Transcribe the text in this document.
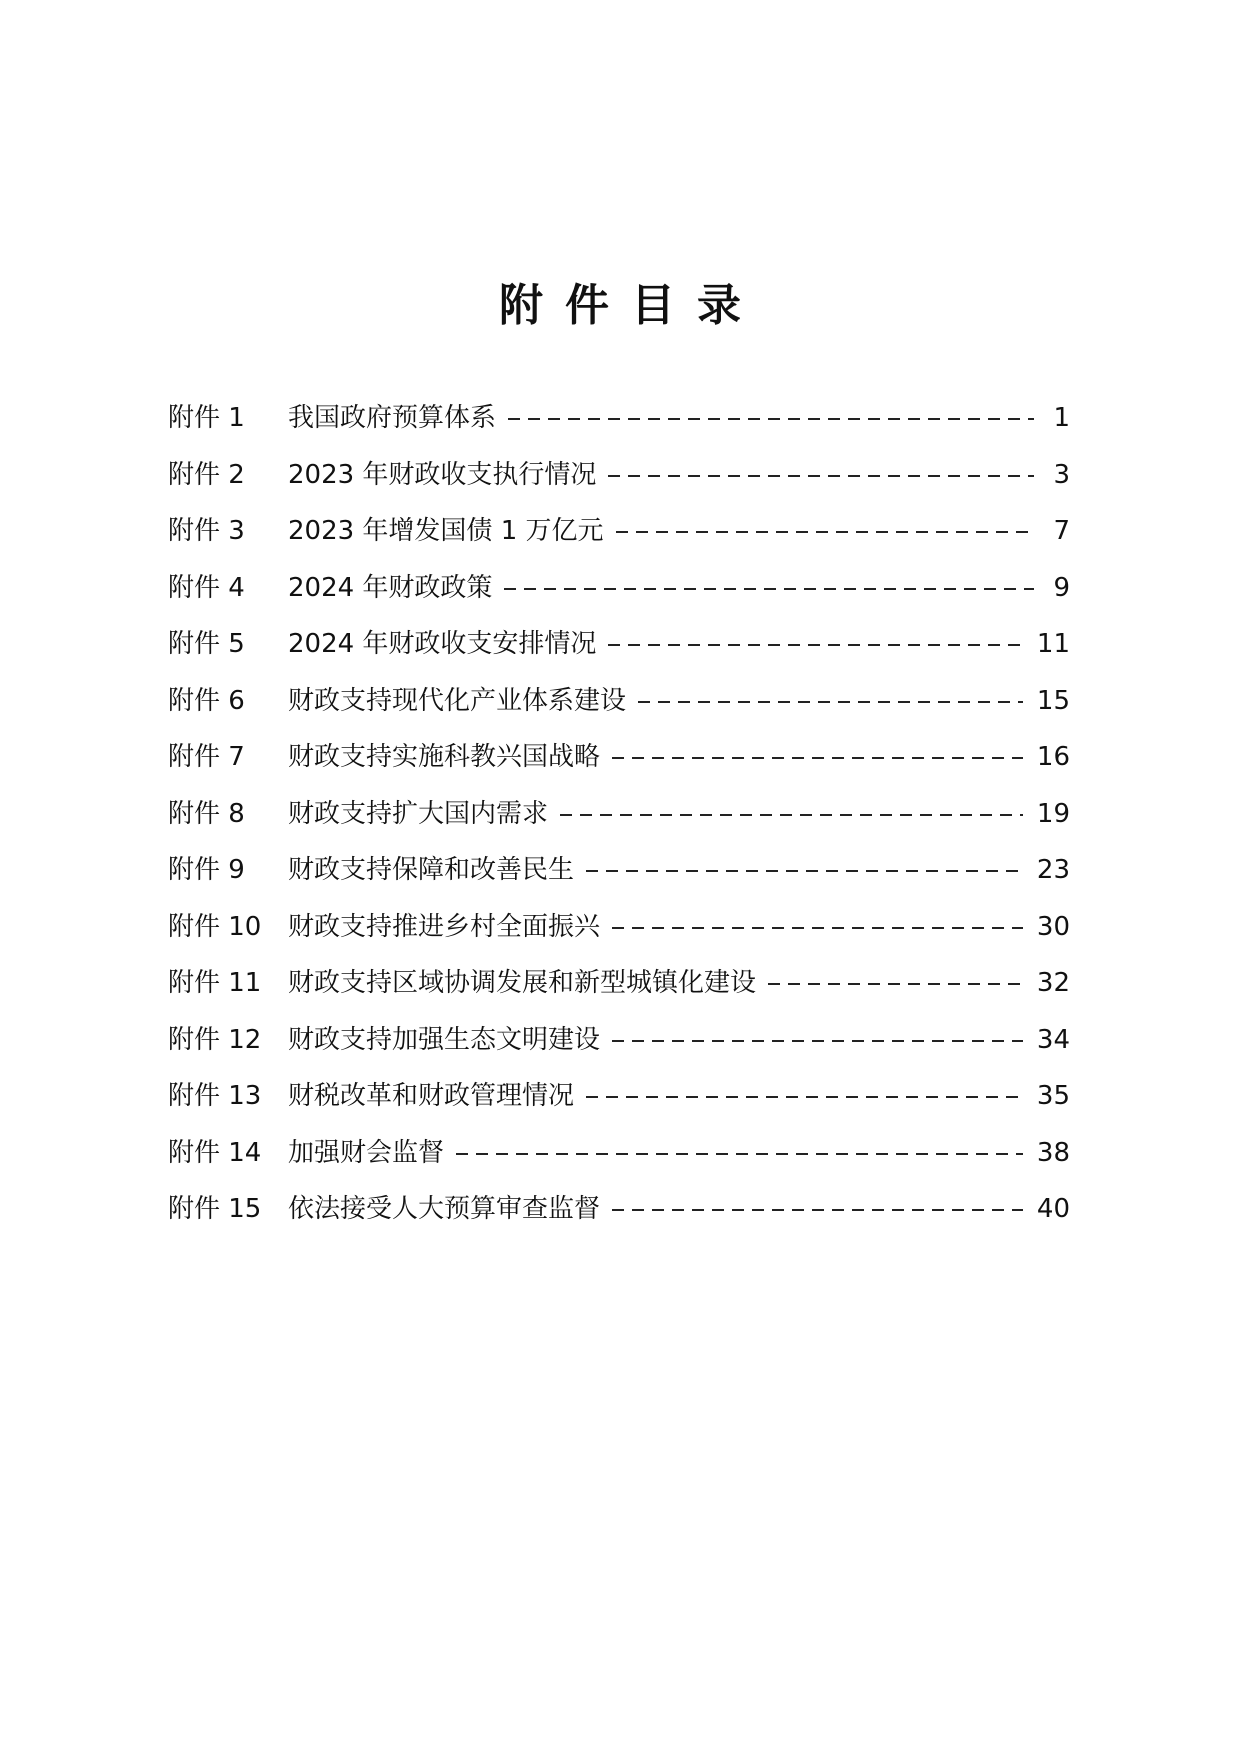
附件目录
附件 1	我国政府预算体系	1
附件 2	2023 年财政收支执行情况	3
附件 3	2023 年增发国债 1 万亿元	7
附件 4	2024 年财政政策	9
附件 5	2024 年财政收支安排情况	11
附件 6	财政支持现代化产业体系建设	15
附件 7	财政支持实施科教兴国战略	16
附件 8	财政支持扩大国内需求	19
附件 9	财政支持保障和改善民生	23
附件 10	财政支持推进乡村全面振兴	30
附件 11	财政支持区域协调发展和新型城镇化建设	32
附件 12	财政支持加强生态文明建设	34
附件 13	财税改革和财政管理情况	35
附件 14	加强财会监督	38
附件 15	依法接受人大预算审查监督	40
